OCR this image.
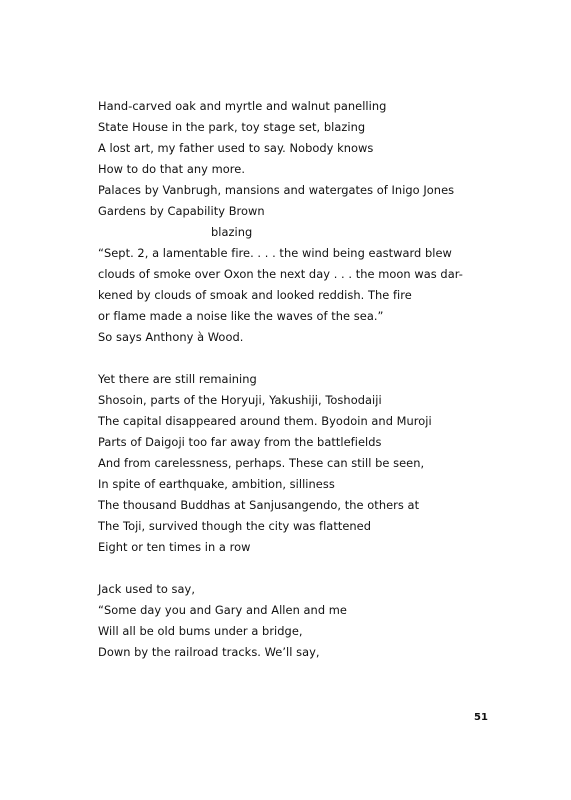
Hand-carved oak and myrtle and walnut panelling
State House in the park, toy stage set, blazing
A lost art, my father used to say. Nobody knows
How to do that any more.
Palaces by Vanbrugh, mansions and watergates of Inigo Jones
Gardens by Capability Brown
blazing
“Sept. 2, a lamentable fire. . . . the wind being eastward blew
clouds of smoke over Oxon the next day . . . the moon was dar-
kened by clouds of smoak and looked reddish. The fire
or flame made a noise like the waves of the sea.”
So says Anthony à Wood.
Yet there are still remaining
Shosoin, parts of the Horyuji, Yakushiji, Toshodaiji
The capital disappeared around them. Byodoin and Muroji
Parts of Daigoji too far away from the battlefields
And from carelessness, perhaps. These can still be seen,
In spite of earthquake, ambition, silliness
The thousand Buddhas at Sanjusangendo, the others at
The Toji, survived though the city was flattened
Eight or ten times in a row
Jack used to say,
“Some day you and Gary and Allen and me
Will all be old bums under a bridge,
Down by the railroad tracks. We’ll say,
51
